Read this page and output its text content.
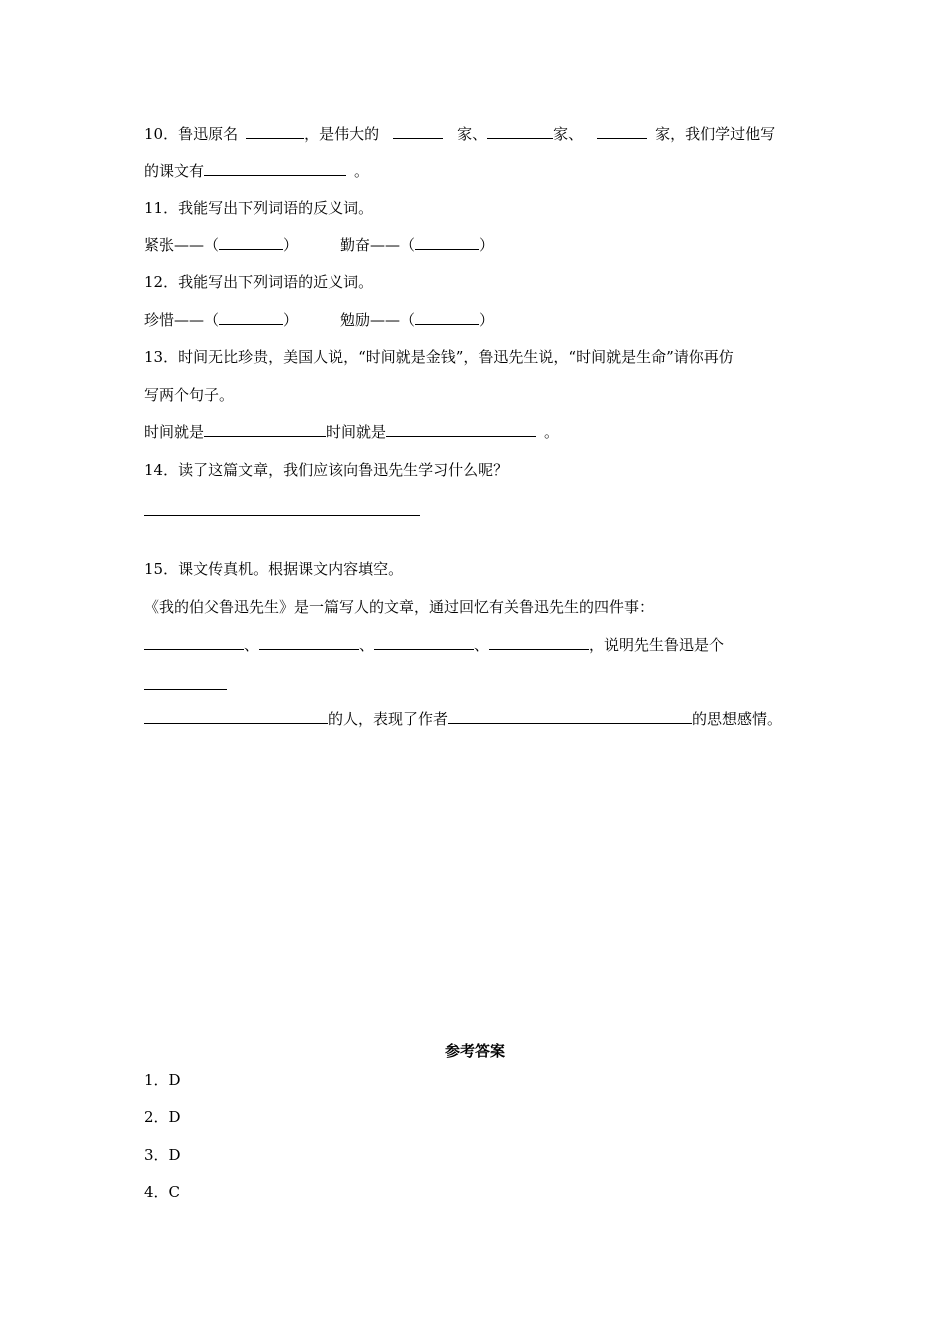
10．鲁迅原名	，是伟大的	家、	家、	家，我们学过他写
的课文有	。
11．我能写出下列词语的反义词。
紧张——（	）	勤奋——（	）
12．我能写出下列词语的近义词。
珍惜——（	）	勉励——（	）
13．时间无比珍贵，美国人说，“时间就是金钱”，鲁迅先生说，“时间就是生命”请你再仿
写两个句子。
时间就是	时间就是	。
14．读了这篇文章，我们应该向鲁迅先生学习什么呢？
15．课文传真机。根据课文内容填空。
《我的伯父鲁迅先生》是一篇写人的文章，通过回忆有关鲁迅先生的四件事：
、	、	、	，说明先生鲁迅是个
的人，表现了作者	的思想感情。
参考答案
1．D
2．D
3．D
4．C
